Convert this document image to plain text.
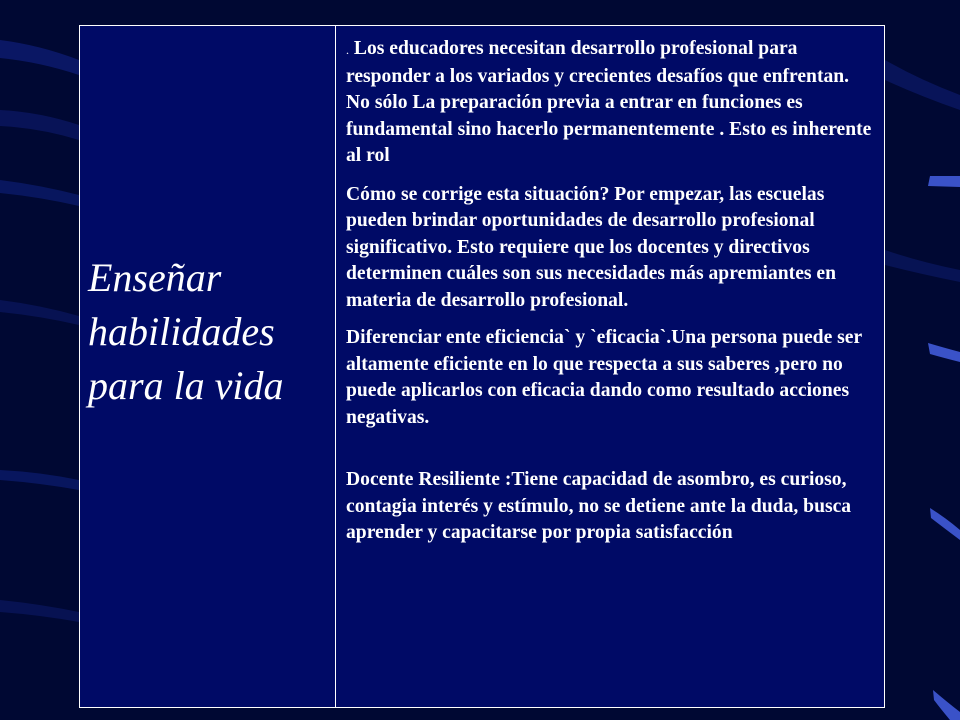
Enseñar habilidades para la vida

. Los educadores necesitan desarrollo profesional para responder a los variados y crecientes desafíos que enfrentan. No sólo La preparación previa a entrar en funciones es fundamental sino hacerlo permanentemente . Esto es inherente al rol

Cómo se corrige esta situación? Por empezar, las escuelas pueden brindar oportunidades de desarrollo profesional significativo. Esto requiere que los docentes y directivos determinen cuáles son sus necesidades más apremiantes en materia de desarrollo profesional.

Diferenciar ente eficiencia` y `eficacia`.Una persona puede ser altamente eficiente en lo que respecta a sus saberes ,pero no puede aplicarlos con eficacia dando como resultado acciones negativas.

Docente Resiliente :Tiene capacidad de asombro, es curioso, contagia interés y estímulo, no se detiene ante la duda, busca aprender y capacitarse por propia satisfacción
